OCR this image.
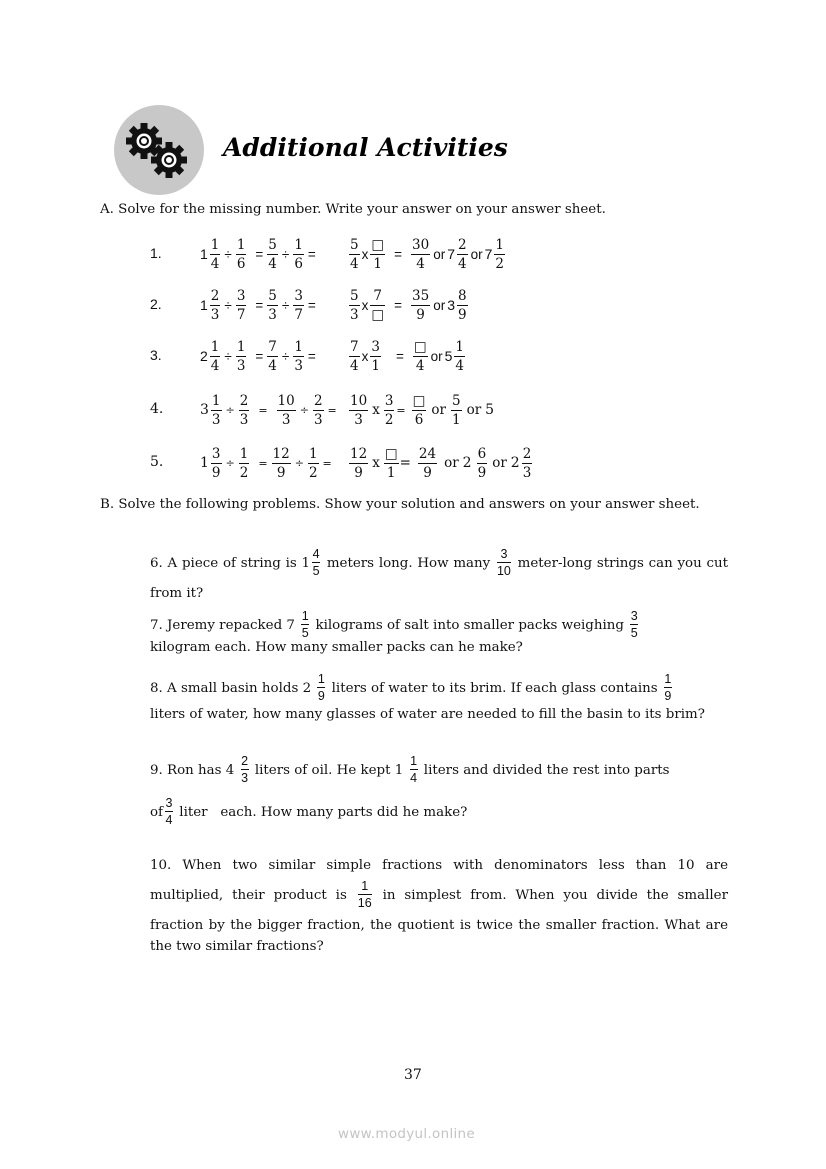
Additional Activities
A. Solve for the missing number. Write your answer on your answer sheet.
1.	$1 \frac{1}{4} \div \frac{1}{6} = \frac{5}{4} \div \frac{1}{6} = \frac{5}{4}$ x $\frac{□}{1} = \frac{30}{4}$ or $7 \frac{2}{4}$ or $7 \frac{1}{2}$
2.	$1 \frac{2}{3} \div \frac{3}{7} = \frac{5}{3} \div \frac{3}{7} = \frac{5}{3}$ x $\frac{7}{□} = \frac{35}{9}$ or $3 \frac{8}{9}$
3.	$2 \frac{1}{4} \div \frac{1}{3} = \frac{7}{4} \div \frac{1}{3} = \frac{7}{4}$ x $\frac{3}{1} = \frac{□}{4}$ or $5 \frac{1}{4}$
4.	$3 \frac{1}{3} \div \frac{2}{3} = \frac{10}{3} \div \frac{2}{3} = \frac{10}{3}$ x $\frac{3}{2} = \frac{□}{6}$ or $\frac{5}{1}$ or 5
5.	$1 \frac{3}{9} \div \frac{1}{2} = \frac{12}{9} \div \frac{1}{2} = \frac{12}{9}$ x $\frac{□}{1} = \frac{24}{9}$ or $2 \frac{6}{9}$ or $2 \frac{2}{3}$
B. Solve the following problems. Show your solution and answers on your answer sheet.
6. A piece of string is $1 \frac{4}{5}$ meters long. How many $\frac{3}{10}$ meter-long strings can you cut from it?
7. Jeremy repacked $7 \frac{1}{5}$ kilograms of salt into smaller packs weighing $\frac{3}{5}$
kilogram each. How many smaller packs can he make?
8. A small basin holds $2 \frac{1}{9}$ liters of water to its brim. If each glass contains $\frac{1}{9}$
liters of water, how many glasses of water are needed to fill the basin to its brim?
9. Ron has $4 \frac{2}{3}$ liters of oil. He kept $1 \frac{1}{4}$ liters and divided the rest into parts
of $\frac{3}{4}$ liter   each. How many parts did he make?
10. When two similar simple fractions with denominators less than 10 are multiplied, their product is $\frac{1}{16}$ in simplest from. When you divide the smaller fraction by the bigger fraction, the quotient is twice the smaller fraction. What are the two similar fractions?
37
www.modyul.online
